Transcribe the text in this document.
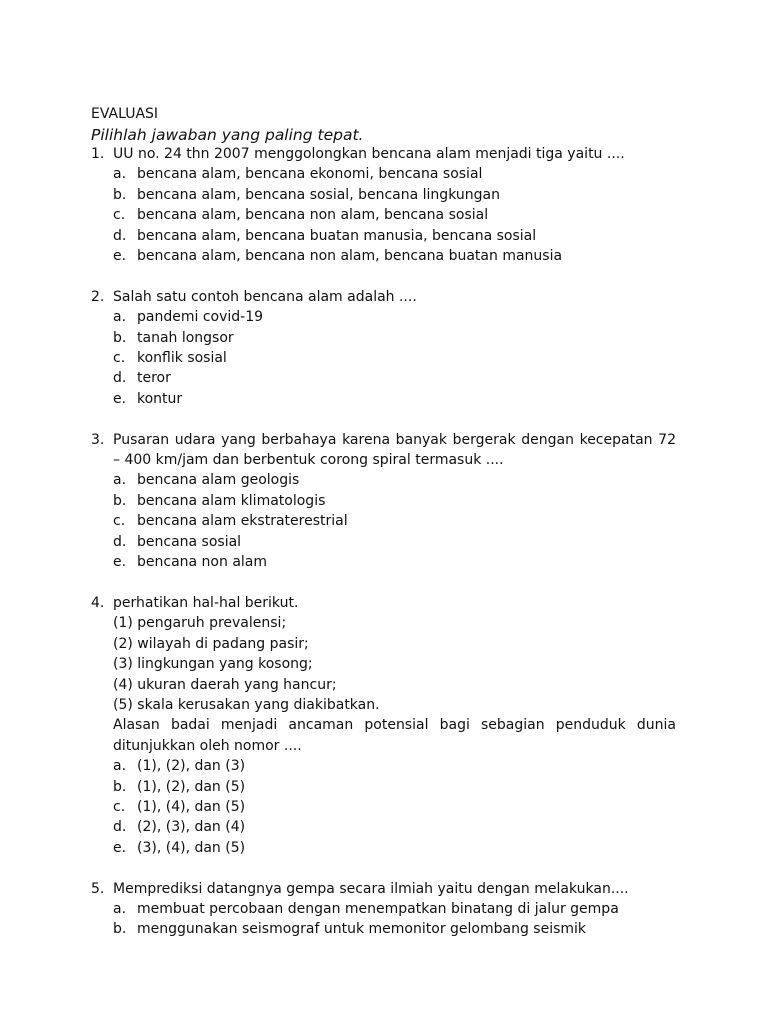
EVALUASI
Pilihlah jawaban yang paling tepat.
1. UU no. 24 thn 2007 menggolongkan bencana alam menjadi tiga yaitu ....
a. bencana alam, bencana ekonomi, bencana sosial
b. bencana alam, bencana sosial, bencana lingkungan
c. bencana alam, bencana non alam, bencana sosial
d. bencana alam, bencana buatan manusia, bencana sosial
e. bencana alam, bencana non alam, bencana buatan manusia
2. Salah satu contoh bencana alam adalah ....
a. pandemi covid-19
b. tanah longsor
c. konflik sosial
d. teror
e. kontur
3. Pusaran udara yang berbahaya karena banyak bergerak dengan kecepatan 72 – 400 km/jam dan berbentuk corong spiral termasuk ....
a. bencana alam geologis
b. bencana alam klimatologis
c. bencana alam ekstraterestrial
d. bencana sosial
e. bencana non alam
4. perhatikan hal-hal berikut.
(1) pengaruh prevalensi;
(2) wilayah di padang pasir;
(3) lingkungan yang kosong;
(4) ukuran daerah yang hancur;
(5) skala kerusakan yang diakibatkan.
Alasan badai menjadi ancaman potensial bagi sebagian penduduk dunia ditunjukkan oleh nomor ....
a. (1), (2), dan (3)
b. (1), (2), dan (5)
c. (1), (4), dan (5)
d. (2), (3), dan (4)
e. (3), (4), dan (5)
5. Memprediksi datangnya gempa secara ilmiah yaitu dengan melakukan....
a. membuat percobaan dengan menempatkan binatang di jalur gempa
b. menggunakan seismograf untuk memonitor gelombang seismik
